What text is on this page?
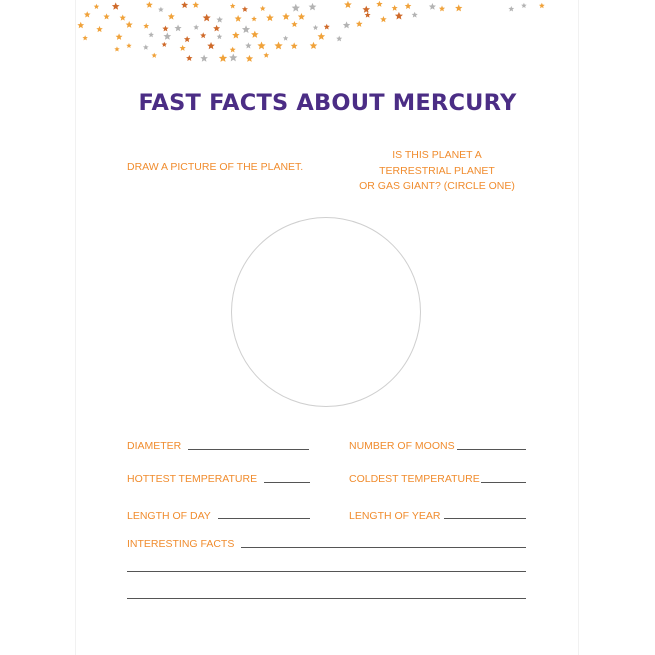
FAST FACTS ABOUT MERCURY
DRAW A PICTURE OF THE PLANET.
IS THIS PLANET A
TERRESTRIAL PLANET
OR GAS GIANT? (CIRCLE ONE)
DIAMETER	NUMBER OF MOONS
HOTTEST TEMPERATURE	COLDEST TEMPERATURE
LENGTH OF DAY	LENGTH OF YEAR
INTERESTING FACTS
